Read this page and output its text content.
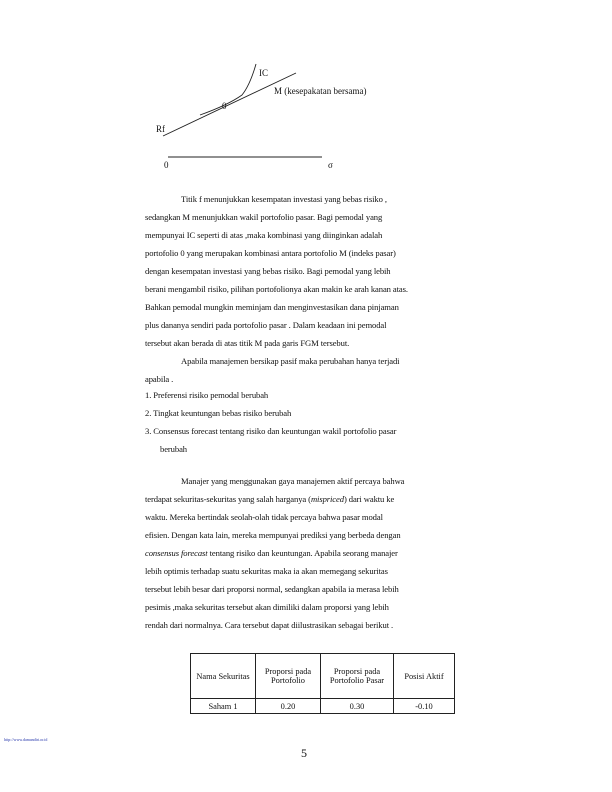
IC
M (kesepakatan bersama)
0
Rf
0	σ
Titik f menunjukkan kesempatan investasi yang bebas risiko ,
sedangkan M menunjukkan wakil portofolio pasar. Bagi pemodal yang
mempunyai IC seperti di atas ,maka kombinasi yang diinginkan adalah
portofolio 0 yang merupakan kombinasi antara portofolio M (indeks pasar)
dengan kesempatan investasi yang bebas risiko. Bagi pemodal yang lebih
berani mengambil risiko, pilihan portofolionya akan makin ke arah kanan atas.
Bahkan pemodal mungkin meminjam dan menginvestasikan dana pinjaman
plus dananya sendiri pada portofolio pasar . Dalam keadaan ini pemodal
tersebut akan berada di atas titik M pada garis FGM tersebut.
Apabila manajemen bersikap pasif maka perubahan hanya terjadi
apabila .
1. Preferensi risiko pemodal berubah
2. Tingkat keuntungan bebas risiko berubah
3. Consensus forecast tentang risiko dan keuntungan wakil portofolio pasar
berubah
Manajer yang menggunakan gaya manajemen aktif percaya bahwa
terdapat sekuritas-sekuritas yang salah harganya (mispriced) dari waktu ke
waktu. Mereka bertindak seolah-olah tidak percaya bahwa pasar modal
efisien. Dengan kata lain, mereka mempunyai prediksi yang berbeda dengan
consensus forecast tentang risiko dan keuntungan. Apabila seorang manajer
lebih optimis terhadap suatu sekuritas maka ia akan memegang sekuritas
tersebut lebih besar dari proporsi normal, sedangkan apabila ia merasa lebih
pesimis ,maka sekuritas tersebut akan dimiliki dalam proporsi yang lebih
rendah dari normalnya. Cara tersebut dapat diilustrasikan sebagai berikut .
Nama Sekuritas	Proporsi pada Portofolio	Proporsi pada Portofolio Pasar	Posisi Aktif
Saham 1	0.20	0.30	-0.10
http://www.damandiri.or.id
5
